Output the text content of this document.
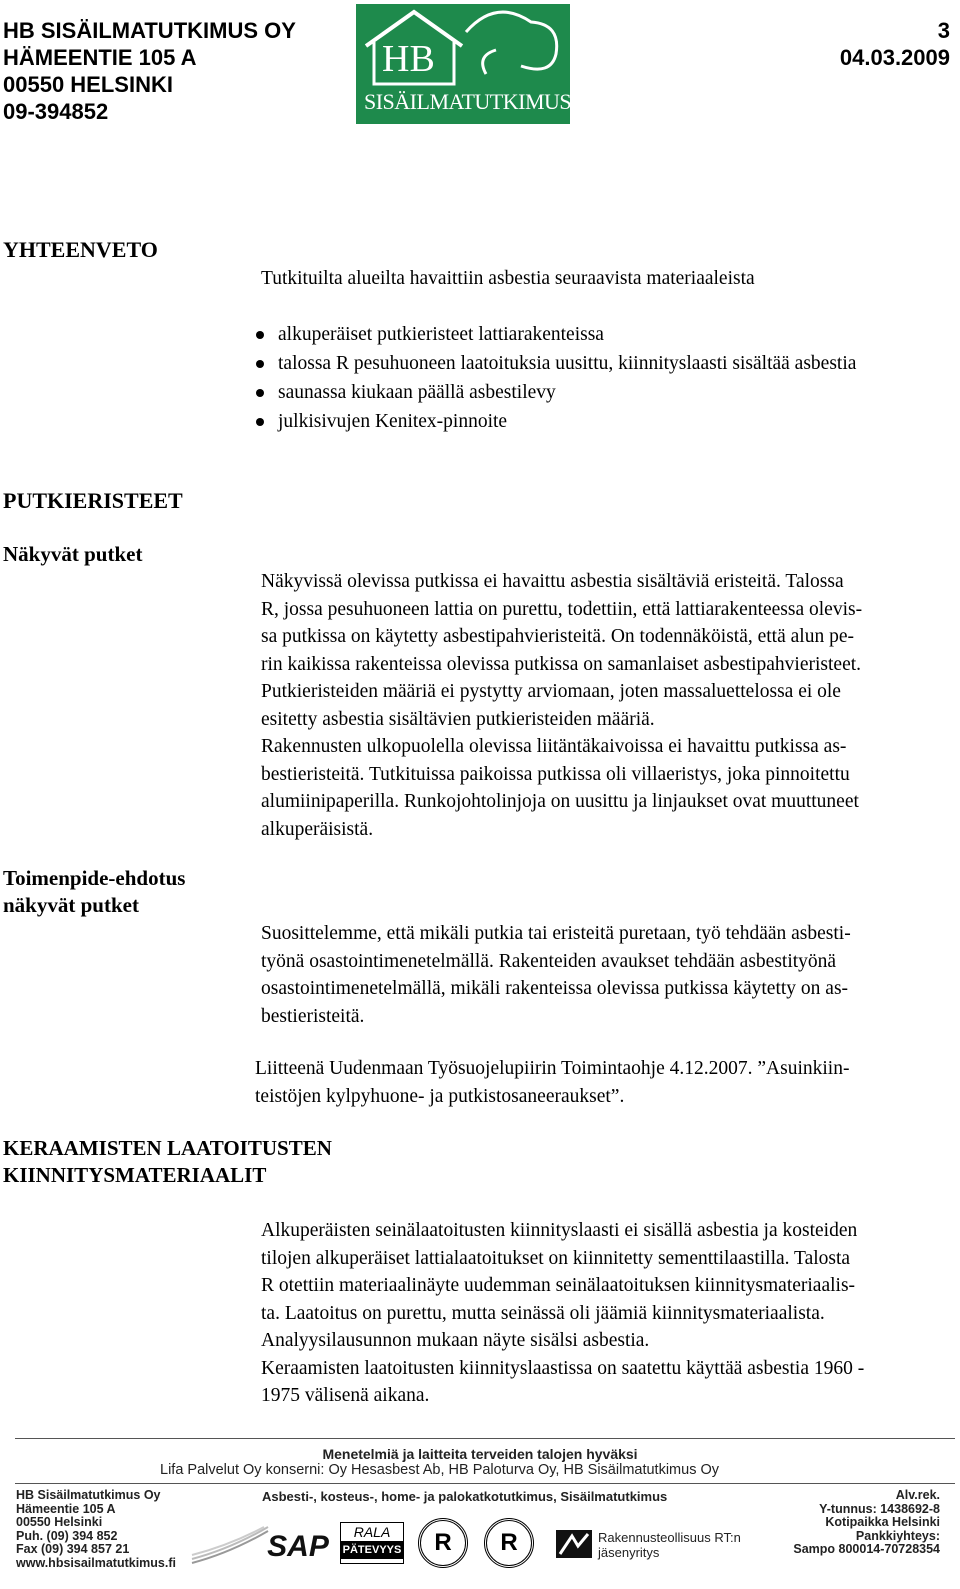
HB SISÄILMATUTKIMUS OY
HÄMEENTIE 105 A
00550 HELSINKI
09-394852
HB
SISÄILMATUTKIMUS
3
04.03.2009
YHTEENVETO
Tutkituilta alueilta havaittiin asbestia seuraavista materiaaleista
alkuperäiset putkieristeet lattiarakenteissa
talossa R pesuhuoneen laatoituksia uusittu, kiinnityslaasti sisältää asbestia
saunassa kiukaan päällä asbestilevy
julkisivujen Kenitex-pinnoite
PUTKIERISTEET
Näkyvät putket

Näkyvissä olevissa putkissa ei havaittu asbestia sisältäviä eristeitä. Talossa

R, jossa pesuhuoneen lattia on purettu, todettiin, että lattiarakenteessa olevis-

sa putkissa on käytetty asbestipahvieristeitä. On todennäköistä, että alun pe-

rin kaikissa rakenteissa olevissa putkissa on samanlaiset asbestipahvieristeet.

Putkieristeiden määriä ei pystytty arviomaan, joten massaluettelossa ei ole

esitetty asbestia sisältävien putkieristeiden määriä.

Rakennusten ulkopuolella olevissa liitäntäkaivoissa ei havaittu putkissa as-

bestieristeitä. Tutkituissa paikoissa putkissa oli villaeristys, joka pinnoitettu

alumiinipaperilla. Runkojohtolinjoja on uusittu ja linjaukset ovat muuttuneet

alkuperäisistä.

Toimenpide-ehdotus
näkyvät putket

Suosittelemme, että mikäli putkia tai eristeitä puretaan, työ tehdään asbesti-

työnä osastointimenetelmällä. Rakenteiden avaukset tehdään asbestityönä

osastointimenetelmällä, mikäli rakenteissa olevissa putkissa käytetty on as-

bestieristeitä.

Liitteenä Uudenmaan Työsuojelupiirin Toimintaohje 4.12.2007. ”Asuinkiin-

teistöjen kylpyhuone- ja putkistosaneeraukset”.

KERAAMISTEN LAATOITUSTEN
KIINNITYSMATERIAALIT

Alkuperäisten seinälaatoitusten kiinnityslaasti ei sisällä asbestia ja kosteiden

tilojen alkuperäiset lattialaatoitukset on kiinnitetty sementtilaastilla. Talosta

R otettiin materiaalinäyte uudemman seinälaatoituksen kiinnitysmateriaalis-

ta. Laatoitus on purettu, mutta seinässä oli jäämiä kiinnitysmateriaalista.

Analyysilausunnon mukaan näyte sisälsi asbestia.

Keraamisten laatoitusten kiinnityslaastissa on saatettu käyttää asbestia 1960 -

1975 välisenä aikana.

Menetelmiä ja laitteita terveiden talojen hyväksi
Lifa Palvelut Oy konserni: Oy Hesasbest Ab, HB Paloturva Oy, HB Sisäilmatutkimus Oy
HB Sisäilmatutkimus Oy
Hämeentie 105 A
00550 Helsinki
Puh. (09) 394 852
Fax (09) 394 857 21
www.hbsisailmatutkimus.fi
Asbesti-, kosteus-, home- ja palokatkotutkimus, Sisäilmatutkimus	Alv.rek.
Y-tunnus: 1438692-8
Kotipaikka Helsinki
Pankkiyhteys:
Sampo 800014-70728354
SAP	RALA
PÄTEVYYS	R	R	Rakennusteollisuus RT:n
jäsenyritys
